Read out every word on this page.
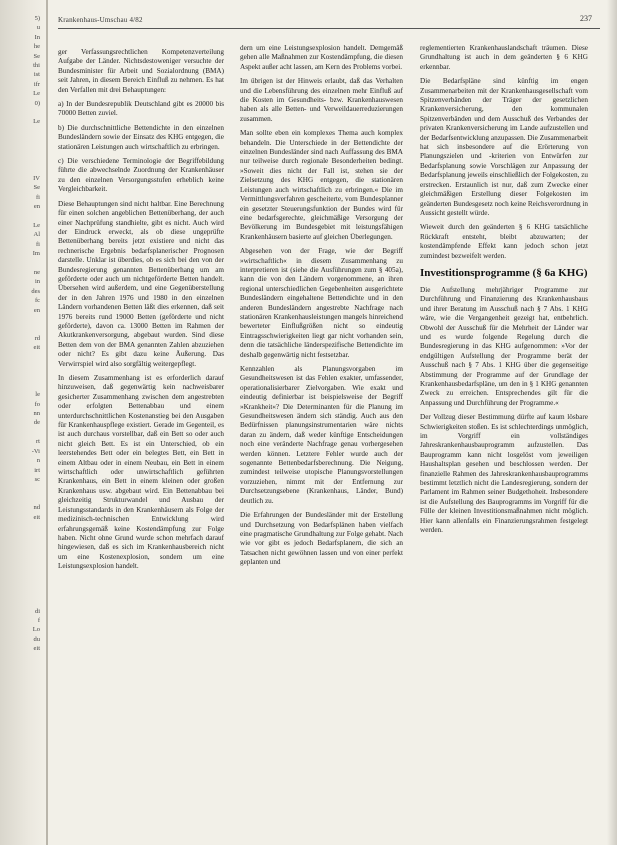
5)
u
In
he
Se
thi
ist
ifr
Le
0)

Le

IV
Se
fi
en

Le
Al
fi
Im

ne
in
des
fc
en

rd
eit

le
fo
nn
de

rt
-Vi
n
irt
sc

nd
eit

di
f
Lo
du
eit
Krankenhaus-Umschau 4/82	237

ger Verfassungsrechtlichen Kompetenzverteilung Aufgabe der Länder. Nichtsdestoweniger versuchte der Bundesminister für Arbeit und Sozialordnung (BMA) seit Jahren, in diesem Bereich Einfluß zu nehmen. Es hat den Verfallen mit drei Behauptungen:

a) In der Bundesrepublik Deutschland gibt es 20000 bis 70000 Betten zuviel.

b) Die durchschnittliche Bettendichte in den einzelnen Bundesländern sowie der Einsatz des KHG entgegen, die stationären Leistungen auch wirtschaftlich zu erbringen.

c) Die verschiedene Terminologie der Begriffebildung führte die abwechselnde Zuordnung der Krankenhäuser zu den einzelnen Versorgungsstufen erheblich keine Vergleichbarkeit.

Diese Behauptungen sind nicht haltbar. Eine Berechnung für einen solchen angeblichen Bettenüberhang, der auch einer Nachprüfung standhielte, gibt es nicht. Auch wird der Eindruck erweckt, als ob diese ungeprüfte Bettenüberhang bereits jetzt existiere und nicht das rechnerische Ergebnis bedarfsplanerischer Prognosen darstelle. Unklar ist überdies, ob es sich bei den von der Bundesregierung genannten Bettenüberhang um am geförderte oder auch um nichtgeförderte Betten handelt. Übersehen wird außerdem, und eine Gegenüberstellung der in den Jahren 1976 und 1980 in den einzelnen Ländern vorhandenen Betten läßt dies erkennen, daß seit 1976 bereits rund 19000 Betten (geförderte und nicht geförderte), davon ca. 13000 Betten im Rahmen der Akutkrankenversorgung, abgebaut wurden. Sind diese Betten dem von der BMA genannten Zahlen abzuziehen oder nicht? Es gibt dazu keine Äußerung. Das Verwirrspiel wird also sorgfältig weitergepflegt.

In diesem Zusammenhang ist es erforderlich darauf hinzuweisen, daß gegenwärtig kein nachweisbarer gesicherter Zusammenhang zwischen dem angestrebten oder erfolgten Bettenabbau und einem unterdurchschnittlichen Kostenanstieg bei den Ausgaben für Krankenhauspflege existiert. Gerade im Gegenteil, es ist auch durchaus vorstellbar, daß ein Bett so oder auch nicht gleich Bett. Es ist ein Unterschied, ob ein leerstehendes Bett oder ein belegtes Bett, ein Bett in einem Altbau oder in einem Neubau, ein Bett in einem wirtschaftlich oder unwirtschaftlich geführten Krankenhaus, ein Bett in einem kleinen oder großen Krankenhaus usw. abgebaut wird. Ein Bettenabbau bei gleichzeitig Strukturwandel und Ausbau der Leistungsstandards in den Krankenhäusern als Folge der medizinisch-technischen Entwicklung wird erfahrungsgemäß keine Kostendämpfung zur Folge haben. Nicht ohne Grund wurde schon mehrfach darauf hingewiesen, daß es sich im Krankenhausbereich nicht um eine Kostenexplosion, sondern um eine Leistungsexplosion handelt.

dern um eine Leistungsexplosion handelt. Demgemäß gehen alle Maßnahmen zur Kostendämpfung, die diesen Aspekt außer acht lassen, am Kern des Problems vorbei.

Im übrigen ist der Hinweis erlaubt, daß das Verhalten und die Lebensführung des einzelnen mehr Einfluß auf die Kosten im Gesundheits- bzw. Krankenhauswesen haben als alle Betten- und Verweildauerreduzierungen zusammen.

Man sollte eben ein komplexes Thema auch komplex behandeln. Die Unterschiede in der Bettendichte der einzelnen Bundesländer sind nach Auffassung des BMA nur teilweise durch regionale Besonderheiten bedingt. »Soweit dies nicht der Fall ist, stehen sie der Zielsetzung des KHG entgegen, die stationären Leistungen auch wirtschaftlich zu erbringen.« Die im Vermittlungsverfahren gescheiterte, vom Bundesplanner ein gesetzter Steuerungsfunktion der Bundes wird für eine bedarfsgerechte, gleichmäßige Versorgung der Bevölkerung im Bundesgebiet mit leistungsfähigen Krankenhäusern basierte auf gleichen Überlegungen.

Abgesehen von der Frage, wie der Begriff »wirtschaftlich« in diesem Zusammenhang zu interpretieren ist (siehe die Ausführungen zum § 405a), kann die von den Ländern vorgenommene, an ihren regional unterschiedlichen Gegebenheiten ausgerichtete Bundesländern eingehaltene Bettendichte und in den anderen Bundesländern angestrebte Nachfrage nach stationären Krankenhausleistungen mangels hinreichend bewerteter Einflußgrößen nicht so eindeutig Eintragsschwierigkeiten liegt gar nicht vorhanden sein, denn die tatsächliche länderspezifische Bettendichte im deshalb gegenwärtig nicht festsetzbar.

Kennzahlen als Planungsvorgaben im Gesundheitswesen ist das Fehlen exakter, umfassender, operationalisierbarer Zielvorgaben. Wie exakt und eindeutig definierbar ist beispielsweise der Begriff »Krankheit«? Die Determinanten für die Planung im Gesundheitswesen ändern sich ständig. Auch aus den Bedürfnissen planungsinstrumentarien wäre nichts daran zu ändern, daß weder künftige Entscheidungen noch eine veränderte Nachfrage genau vorhergesehen werden können. Letztere Fehler wurde auch der sogenannte Bettenbedarfsberechnung. Die Neigung, zumindest teilweise utopische Planungsvorstellungen vorzuziehen, nimmt mit der Entfernung zur Durchsetzungsebene (Krankenhaus, Länder, Bund) deutlich zu.

Die Erfahrungen der Bundesländer mit der Erstellung und Durchsetzung von Bedarfsplänen haben vielfach eine pragmatische Grundhaltung zur Folge gehabt. Nach wie vor gibt es jedoch Bedarfsplanern, die sich an Tatsachen nicht gewöhnen lassen und von einer perfekt geplanten und

reglementierten Krankenhauslandschaft träumen. Diese Grundhaltung ist auch in dem geänderten § 6 KHG erkennbar.

Die Bedarfspläne sind künftig im engen Zusammenarbeiten mit der Krankenhausgesellschaft vom Spitzenverbänden der Träger der gesetzlichen Krankenversicherung, den kommunalen Spitzenverbänden und dem Ausschuß des Verbandes der privaten Krankenversicherung im Lande aufzustellen und der Bedarfsentwicklung anzupassen. Die Zusammenarbeit hat sich insbesondere auf die Erörterung von Planungszielen und -kriterien von Entwürfen zur Bedarfsplanung sowie Vorschlägen zur Anpassung der Bedarfsplanung jeweils einschließlich der Folgekosten, zu erstrecken. Erstaunlich ist nur, daß zum Zwecke einer gleichmäßigen Erstellung dieser Folgekosten im geänderten Bundesgesetz noch keine Reichsverordnung in Aussicht gestellt würde.

Wieweit durch den geänderten § 6 KHG tatsächliche Rückkraft entsteht, bleibt abzuwarten; der kostendämpfende Effekt kann jedoch schon jetzt zumindest bezweifelt werden.

Investitionsprogramme (§ 6a KHG)

Die Aufstellung mehrjähriger Programme zur Durchführung und Finanzierung des Krankenhausbaus und ihrer Beratung im Ausschuß nach § 7 Abs. 1 KHG wäre, wie die Vergangenheit gezeigt hat, entbehrlich. Obwohl der Ausschuß für die Mehrheit der Länder war und es wurde folgende Regelung durch die Bundesregierung in das KHG aufgenommen: »Vor der endgültigen Aufstellung der Programme berät der Ausschuß nach § 7 Abs. 1 KHG über die gegenseitige Abstimmung der Programme auf der Grundlage der Krankenhausbedarfspläne, um den in § 1 KHG genannten Zweck zu erreichen. Entsprechendes gilt für die Anpassung und Durchführung der Programme.«

Der Vollzug dieser Bestimmung dürfte auf kaum lösbare Schwierigkeiten stoßen. Es ist schlechterdings unmöglich, im Vorgriff ein vollständiges Jahreskrankenhausbauprogramm aufzustellen. Das Bauprogramm kann nicht losgelöst vom jeweiligen Haushaltsplan gesehen und beschlossen werden. Der finanzielle Rahmen des Jahreskrankenhausbauprogramms bestimmt letztlich nicht die Landesregierung, sondern der Parlament im Rahmen seiner Budgethoheit. Insbesondere ist die Aufstellung des Bauprogramms im Vorgriff für die Fülle der kleinen Investitionsmaßnahmen nicht möglich. Hier kann allenfalls ein Finanzierungsrahmen festgelegt werden.
